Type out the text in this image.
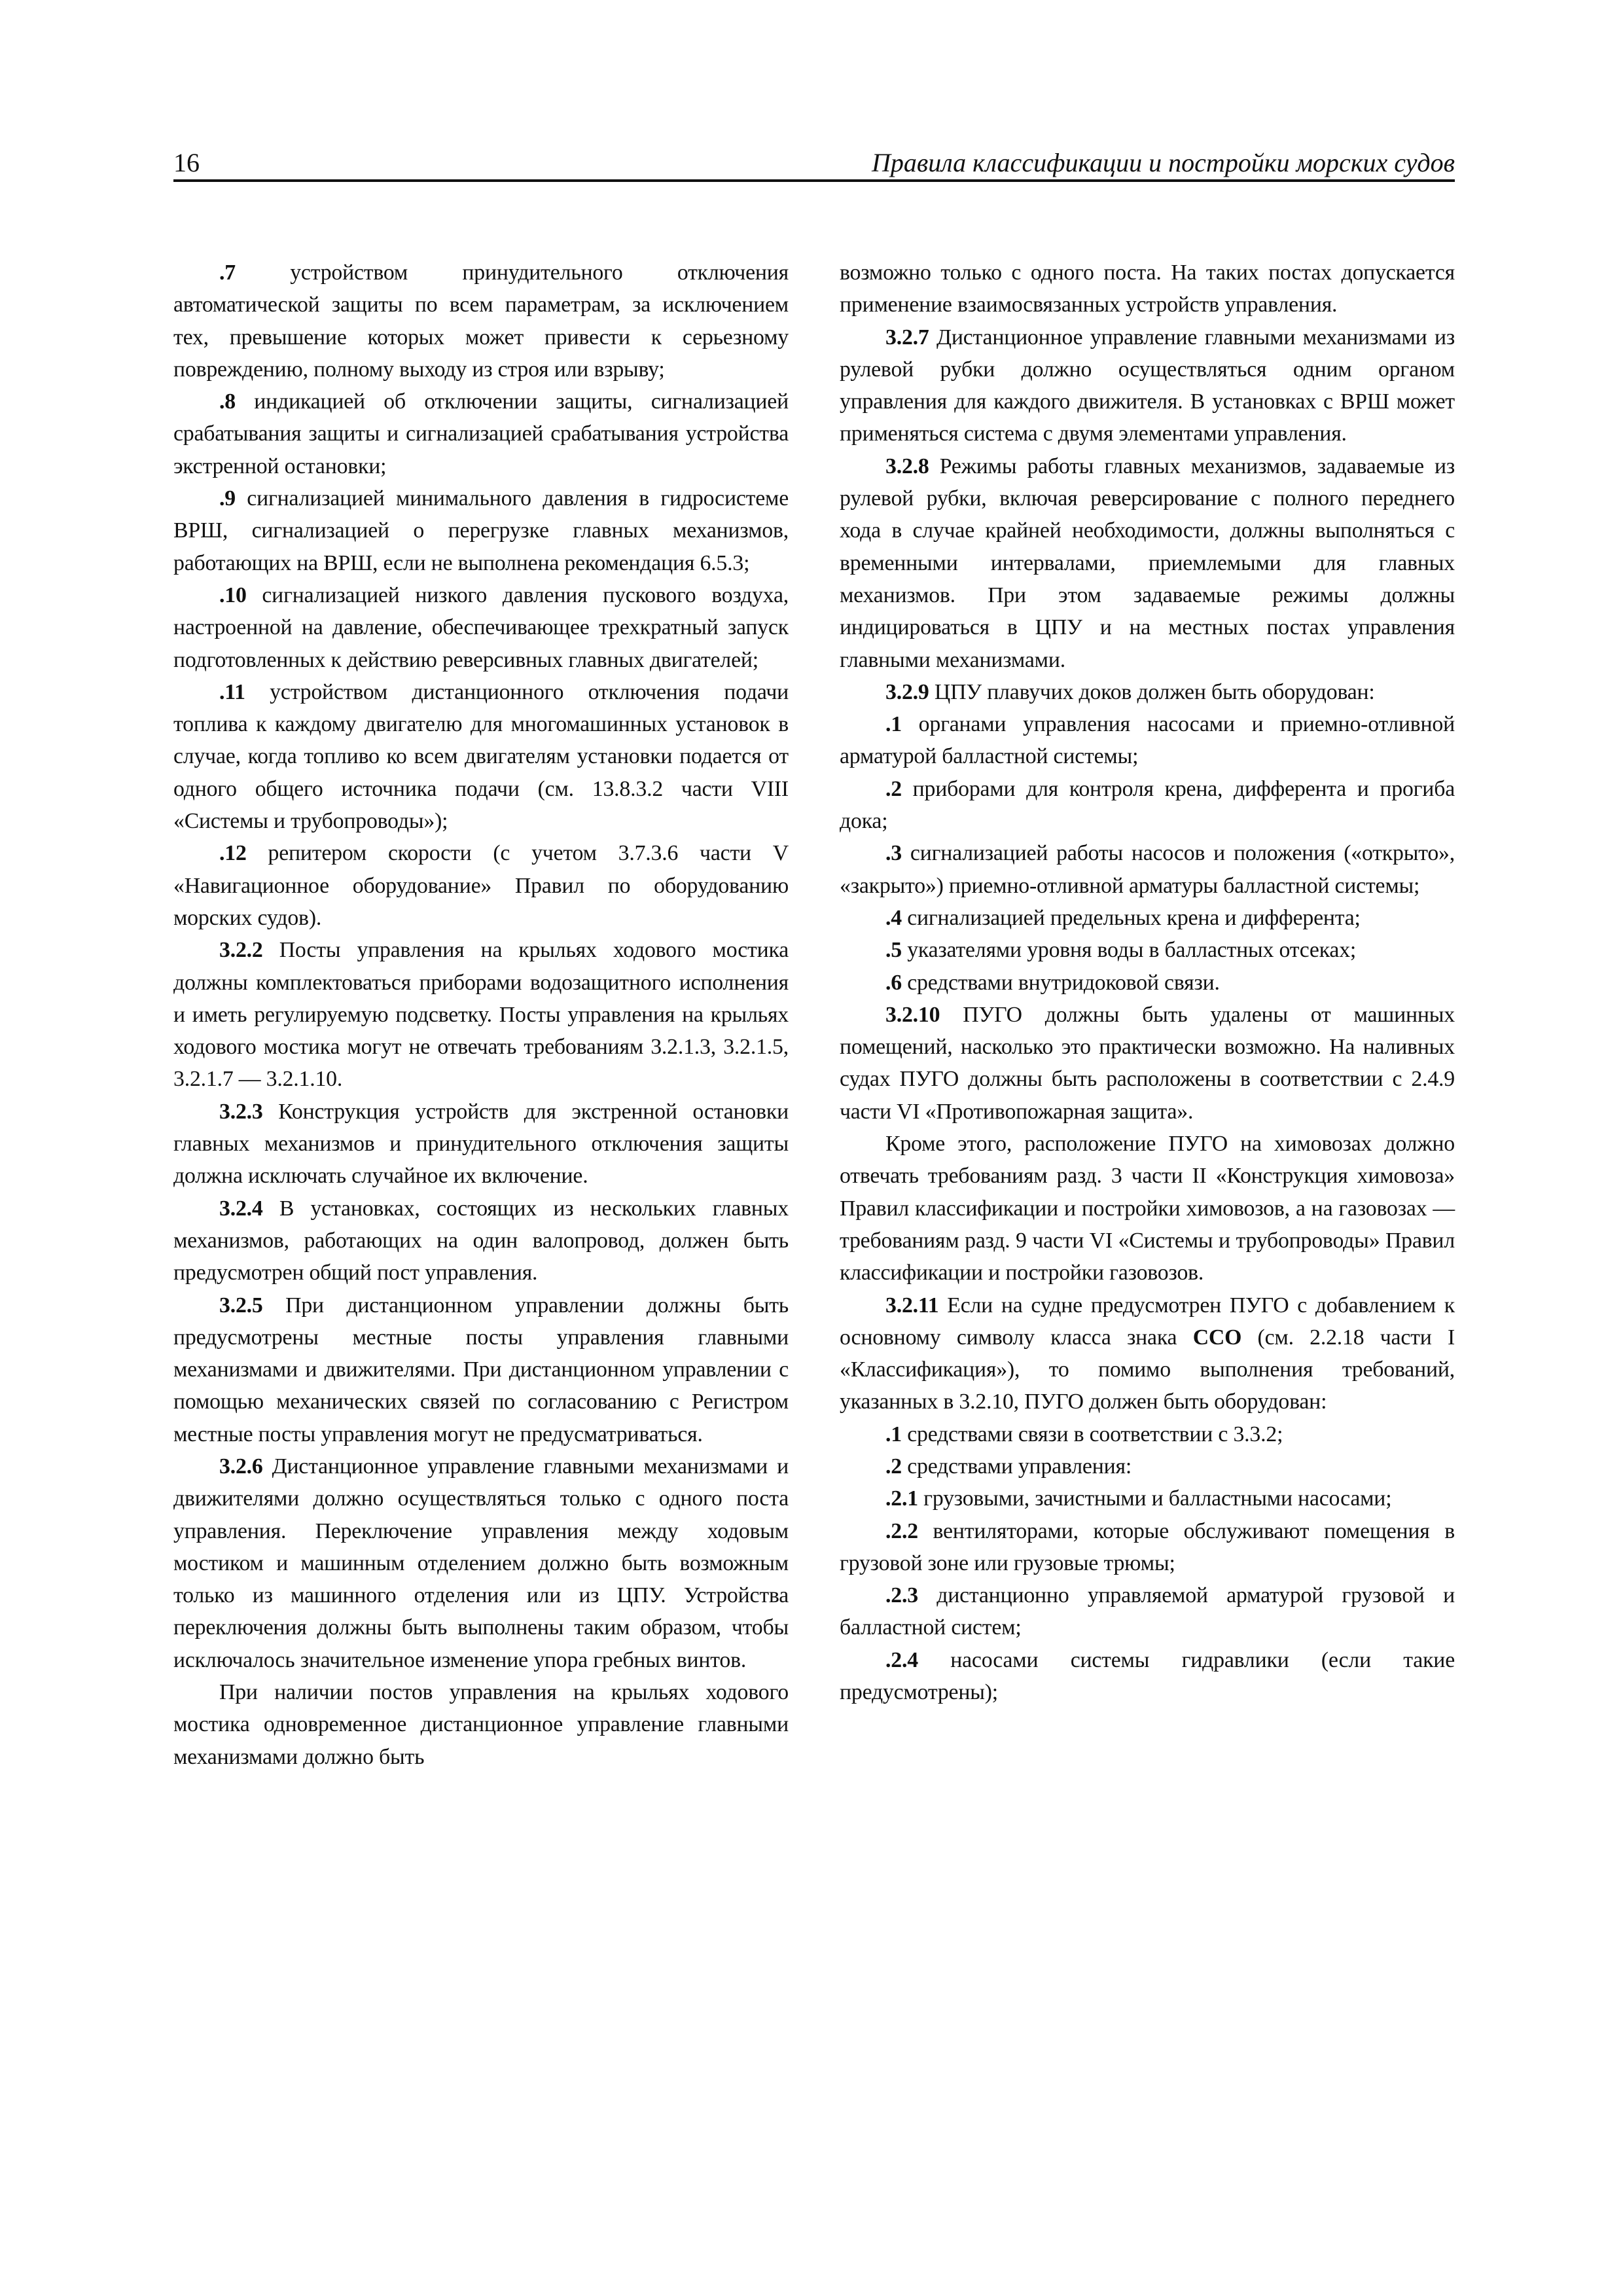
16	Правила классификации и постройки морских судов

.7 устройством принудительного отключения автоматической защиты по всем параметрам, за исключением тех, превышение которых может привести к серьезному повреждению, полному выходу из строя или взрыву;

.8 индикацией об отключении защиты, сигнализацией срабатывания защиты и сигнализацией срабатывания устройства экстренной остановки;

.9 сигнализацией минимального давления в гидросистеме ВРШ, сигнализацией о перегрузке главных механизмов, работающих на ВРШ, если не выполнена рекомендация 6.5.3;

.10 сигнализацией низкого давления пускового воздуха, настроенной на давление, обеспечивающее трехкратный запуск подготовленных к действию реверсивных главных двигателей;

.11 устройством дистанционного отключения подачи топлива к каждому двигателю для многомашинных установок в случае, когда топливо ко всем двигателям установки подается от одного общего источника подачи (см. 13.8.3.2 части VIII «Системы и трубопроводы»);

.12 репитером скорости (с учетом 3.7.3.6 части V «Навигационное оборудование» Правил по оборудованию морских судов).

3.2.2 Посты управления на крыльях ходового мостика должны комплектоваться приборами водозащитного исполнения и иметь регулируемую подсветку. Посты управления на крыльях ходового мостика могут не отвечать требованиям 3.2.1.3, 3.2.1.5, 3.2.1.7 — 3.2.1.10.

3.2.3 Конструкция устройств для экстренной остановки главных механизмов и принудительного отключения защиты должна исключать случайное их включение.

3.2.4 В установках, состоящих из нескольких главных механизмов, работающих на один валопровод, должен быть предусмотрен общий пост управления.

3.2.5 При дистанционном управлении должны быть предусмотрены местные посты управления главными механизмами и движителями. При дистанционном управлении с помощью механических связей по согласованию с Регистром местные посты управления могут не предусматриваться.

3.2.6 Дистанционное управление главными механизмами и движителями должно осуществляться только с одного поста управления. Переключение управления между ходовым мостиком и машинным отделением должно быть возможным только из машинного отделения или из ЦПУ. Устройства переключения должны быть выполнены таким образом, чтобы исключалось значительное изменение упора гребных винтов.

При наличии постов управления на крыльях ходового мостика одновременное дистанционное управление главными механизмами должно быть

возможно только с одного поста. На таких постах допускается применение взаимосвязанных устройств управления.

3.2.7 Дистанционное управление главными механизмами из рулевой рубки должно осуществляться одним органом управления для каждого движителя. В установках с ВРШ может применяться система с двумя элементами управления.

3.2.8 Режимы работы главных механизмов, задаваемые из рулевой рубки, включая реверсирование с полного переднего хода в случае крайней необходимости, должны выполняться с временными интервалами, приемлемыми для главных механизмов. При этом задаваемые режимы должны индицироваться в ЦПУ и на местных постах управления главными механизмами.

3.2.9 ЦПУ плавучих доков должен быть оборудован:

.1 органами управления насосами и приемно-отливной арматурой балластной системы;

.2 приборами для контроля крена, дифферента и прогиба дока;

.3 сигнализацией работы насосов и положения («открыто», «закрыто») приемно-отливной арматуры балластной системы;

.4 сигнализацией предельных крена и дифферента;

.5 указателями уровня воды в балластных отсеках;

.6 средствами внутридоковой связи.

3.2.10 ПУГО должны быть удалены от машинных помещений, насколько это практически возможно. На наливных судах ПУГО должны быть расположены в соответствии с 2.4.9 части VI «Противопожарная защита».

Кроме этого, расположение ПУГО на химовозах должно отвечать требованиям разд. 3 части II «Конструкция химовоза» Правил классификации и постройки химовозов, а на газовозах — требованиям разд. 9 части VI «Системы и трубопроводы» Правил классификации и постройки газовозов.

3.2.11 Если на судне предусмотрен ПУГО с добавлением к основному символу класса знака ССО (см. 2.2.18 части I «Классификация»), то помимо выполнения требований, указанных в 3.2.10, ПУГО должен быть оборудован:

.1 средствами связи в соответствии с 3.3.2;

.2 средствами управления:

.2.1 грузовыми, зачистными и балластными насосами;

.2.2 вентиляторами, которые обслуживают помещения в грузовой зоне или грузовые трюмы;

.2.3 дистанционно управляемой арматурой грузовой и балластной систем;

.2.4 насосами системы гидравлики (если такие предусмотрены);
